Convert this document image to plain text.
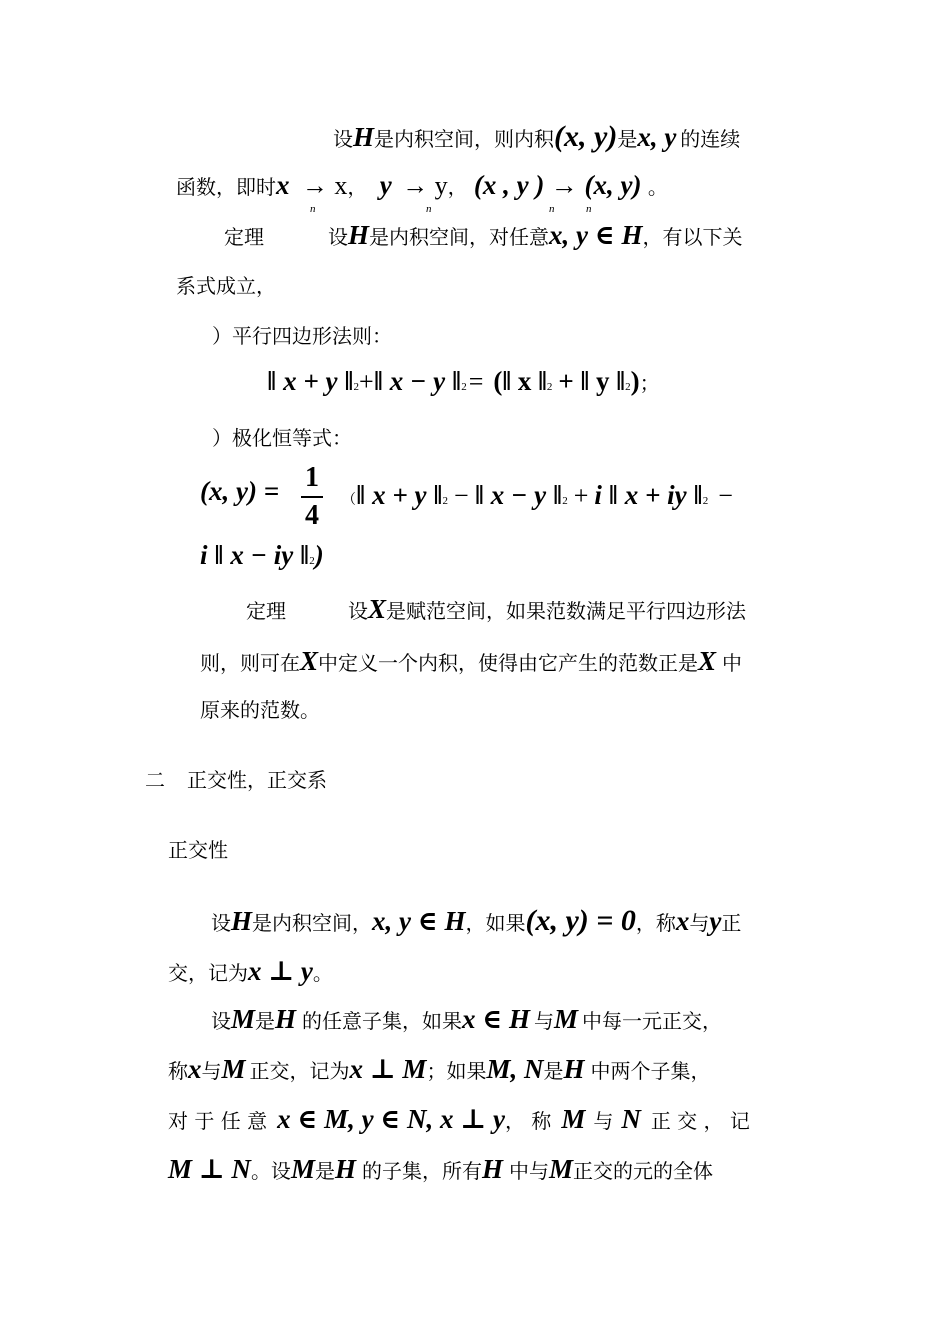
设H是内积空间，则内积(x, y)是x, y 的连续
函数，即时x → x， y → y， (x , y ) → (x, y) 。
n	n	n	n
定理	设H是内积空间，对任意x, y ∈ H，有以下关
系式成立，
）平行四边形法则：
‖ x + y ‖2+‖ x − y ‖2= (‖ x ‖2 + ‖ y ‖2)；
）极化恒等式：
(x, y) = 1
4 （‖ x + y ‖2 − ‖ x − y ‖2 + i ‖ x + iy ‖2 −
i ‖ x − iy ‖2)
定理	设X是赋范空间，如果范数满足平行四边形法
则，则可在X中定义一个内积，使得由它产生的范数正是X 中
原来的范数。
二 正交性，正交系
正交性
设H是内积空间，x, y ∈ H，如果(x, y) = 0，称x与y正
交，记为x ⊥ y。
设M是H 的任意子集，如果x ∈ H 与M 中每一元正交，
称x与M 正交，记为x ⊥ M；如果M, N是H 中两个子集，
对 于 任 意 x ∈ M, y ∈ N, x ⊥ y， 称 M 与 N 正 交 ， 记
M ⊥ N。设M是H 的子集，所有H 中与M正交的元的全体
